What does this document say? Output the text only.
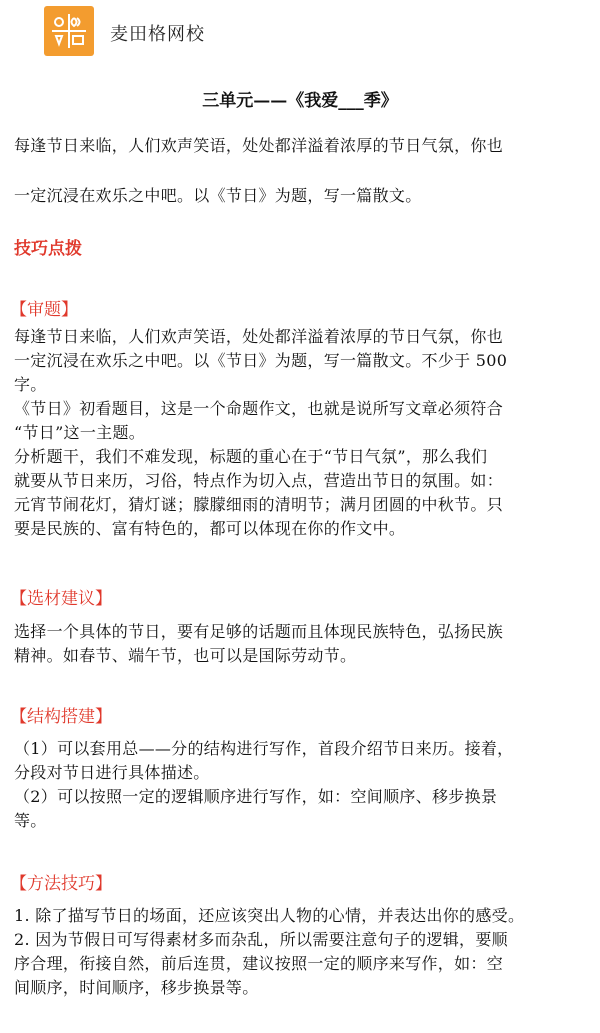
麦田格网校
三单元——《我爱___季》
每逢节日来临，人们欢声笑语，处处都洋溢着浓厚的节日气氛，你也
一定沉浸在欢乐之中吧。以《节日》为题，写一篇散文。
技巧点拨
【审题】
每逢节日来临，人们欢声笑语，处处都洋溢着浓厚的节日气氛，你也
一定沉浸在欢乐之中吧。以《节日》为题，写一篇散文。不少于 500
字。
《节日》初看题目，这是一个命题作文，也就是说所写文章必须符合
“节日”这一主题。
分析题干，我们不难发现，标题的重心在于“节日气氛”，那么我们
就要从节日来历，习俗，特点作为切入点，营造出节日的氛围。如：
元宵节闹花灯，猜灯谜；朦朦细雨的清明节；满月团圆的中秋节。只
要是民族的、富有特色的，都可以体现在你的作文中。
【选材建议】
选择一个具体的节日，要有足够的话题而且体现民族特色，弘扬民族
精神。如春节、端午节，也可以是国际劳动节。
【结构搭建】
（1）可以套用总——分的结构进行写作，首段介绍节日来历。接着，
分段对节日进行具体描述。
（2）可以按照一定的逻辑顺序进行写作，如：空间顺序、移步换景
等。
【方法技巧】
1. 除了描写节日的场面，还应该突出人物的心情，并表达出你的感受。
2. 因为节假日可写得素材多而杂乱，所以需要注意句子的逻辑，要顺
序合理，衔接自然，前后连贯，建议按照一定的顺序来写作，如：空
间顺序，时间顺序，移步换景等。
